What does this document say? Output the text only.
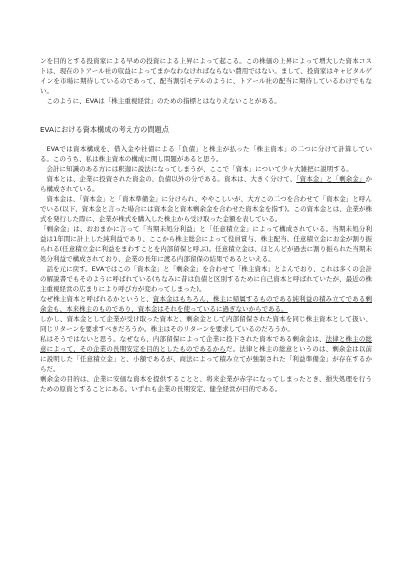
ンを目的とする投資家による早めの投資による上昇によって起こる。この株価の上昇によって増大した資本コストは、現在のトアール社の収益によってまかなわなければならない費用ではない。まして、投資家はキャピタルゲインを市場に期待しているのであって、配当割引モデルのように、トアール社の配当に期待しているわけでもない。

このように、EVAは「株主重視経営」のための指標とはなりえないことがある。

EVAにおける資本構成の考え方の問題点

EVAでは資本構成を、借入金や社債による「負債」と株主が払った「株主資本」の二つに分けて計算している。このうち、私は株主資本の構成に関し問題があると思う。

会計に知識のある方には釈迦に説法になってしまうが、ここで「資本」について少々大雑把に説明する。

資本とは、企業に投資された資金の、負債以外の分である。資本は、大きく分けて、「資本金」と「剰余金」から構成されている。

資本金は、「資本金」と「資本準備金」に分けられ、ややこしいが、大方この二つを合わせて「資本金」と呼んでいる(以下、資本金と言った場合には資本金と資本剰余金を合わせた資本金を指す)。この資本金とは、企業が株式を発行した際に、企業が株式を購入した株主から受け取った金額を表している。

「剰余金」は、おおまかに言って「当期未処分利益」と「任意積立金」によって構成されている。当期未処分利益は1年間に計上した純利益であり、ここから株主総会によって役員賞与、株主配当、任意積立金にお金が割り振られる(任意積立金に利益をまわすことを内部留保と呼ぶ)。任意積立金は、ほとんどが過去に割り振られた当期未処分利益で構成されており、企業の長年に渡る内部留保の結果であるといえる。

話を元に戻す。EVAではこの「資本金」と「剰余金」を合わせて「株主資本」とよんでおり、これは多くの会計の解説書でもそのように呼ばれている(ちなみに昔は負債と区別するために自己資本と呼ばれていたが、最近の株主重視経営の広まりにより呼び方が変わってしまった)。

なぜ株主資本と呼ばれるかというと、資本金はもちろん、株主に帰属するものである純利益の積み立てである剰余金も、本来株主のものであり、資本金はそれを使っているに過ぎないからである。

しかし、資本金として企業が受け取った資本と、剰余金として内部留保された資本を同じ株主資本として扱い、同じリターンを要求すべきだろうか。株主はそのリターンを要求しているのだろうか。

私はそうではないと思う。なぜなら、内部留保によって企業に投下された資本である剰余金は、法律と株主の総意によって、その企業の長期安定を目的としたものであるからだ。法律と株主の総意というのは、剰余金は以前に説明した「任意積立金」と、小額であるが、商法によって積み立てが強制された「利益準備金」が存在するからだ。

剰余金の目的は、企業に安価な資本を提供することと、将来企業が赤字になってしまったとき、損失処理を行うための原資とすることにある。いずれも企業の長期安定、健全経営が目的である。
